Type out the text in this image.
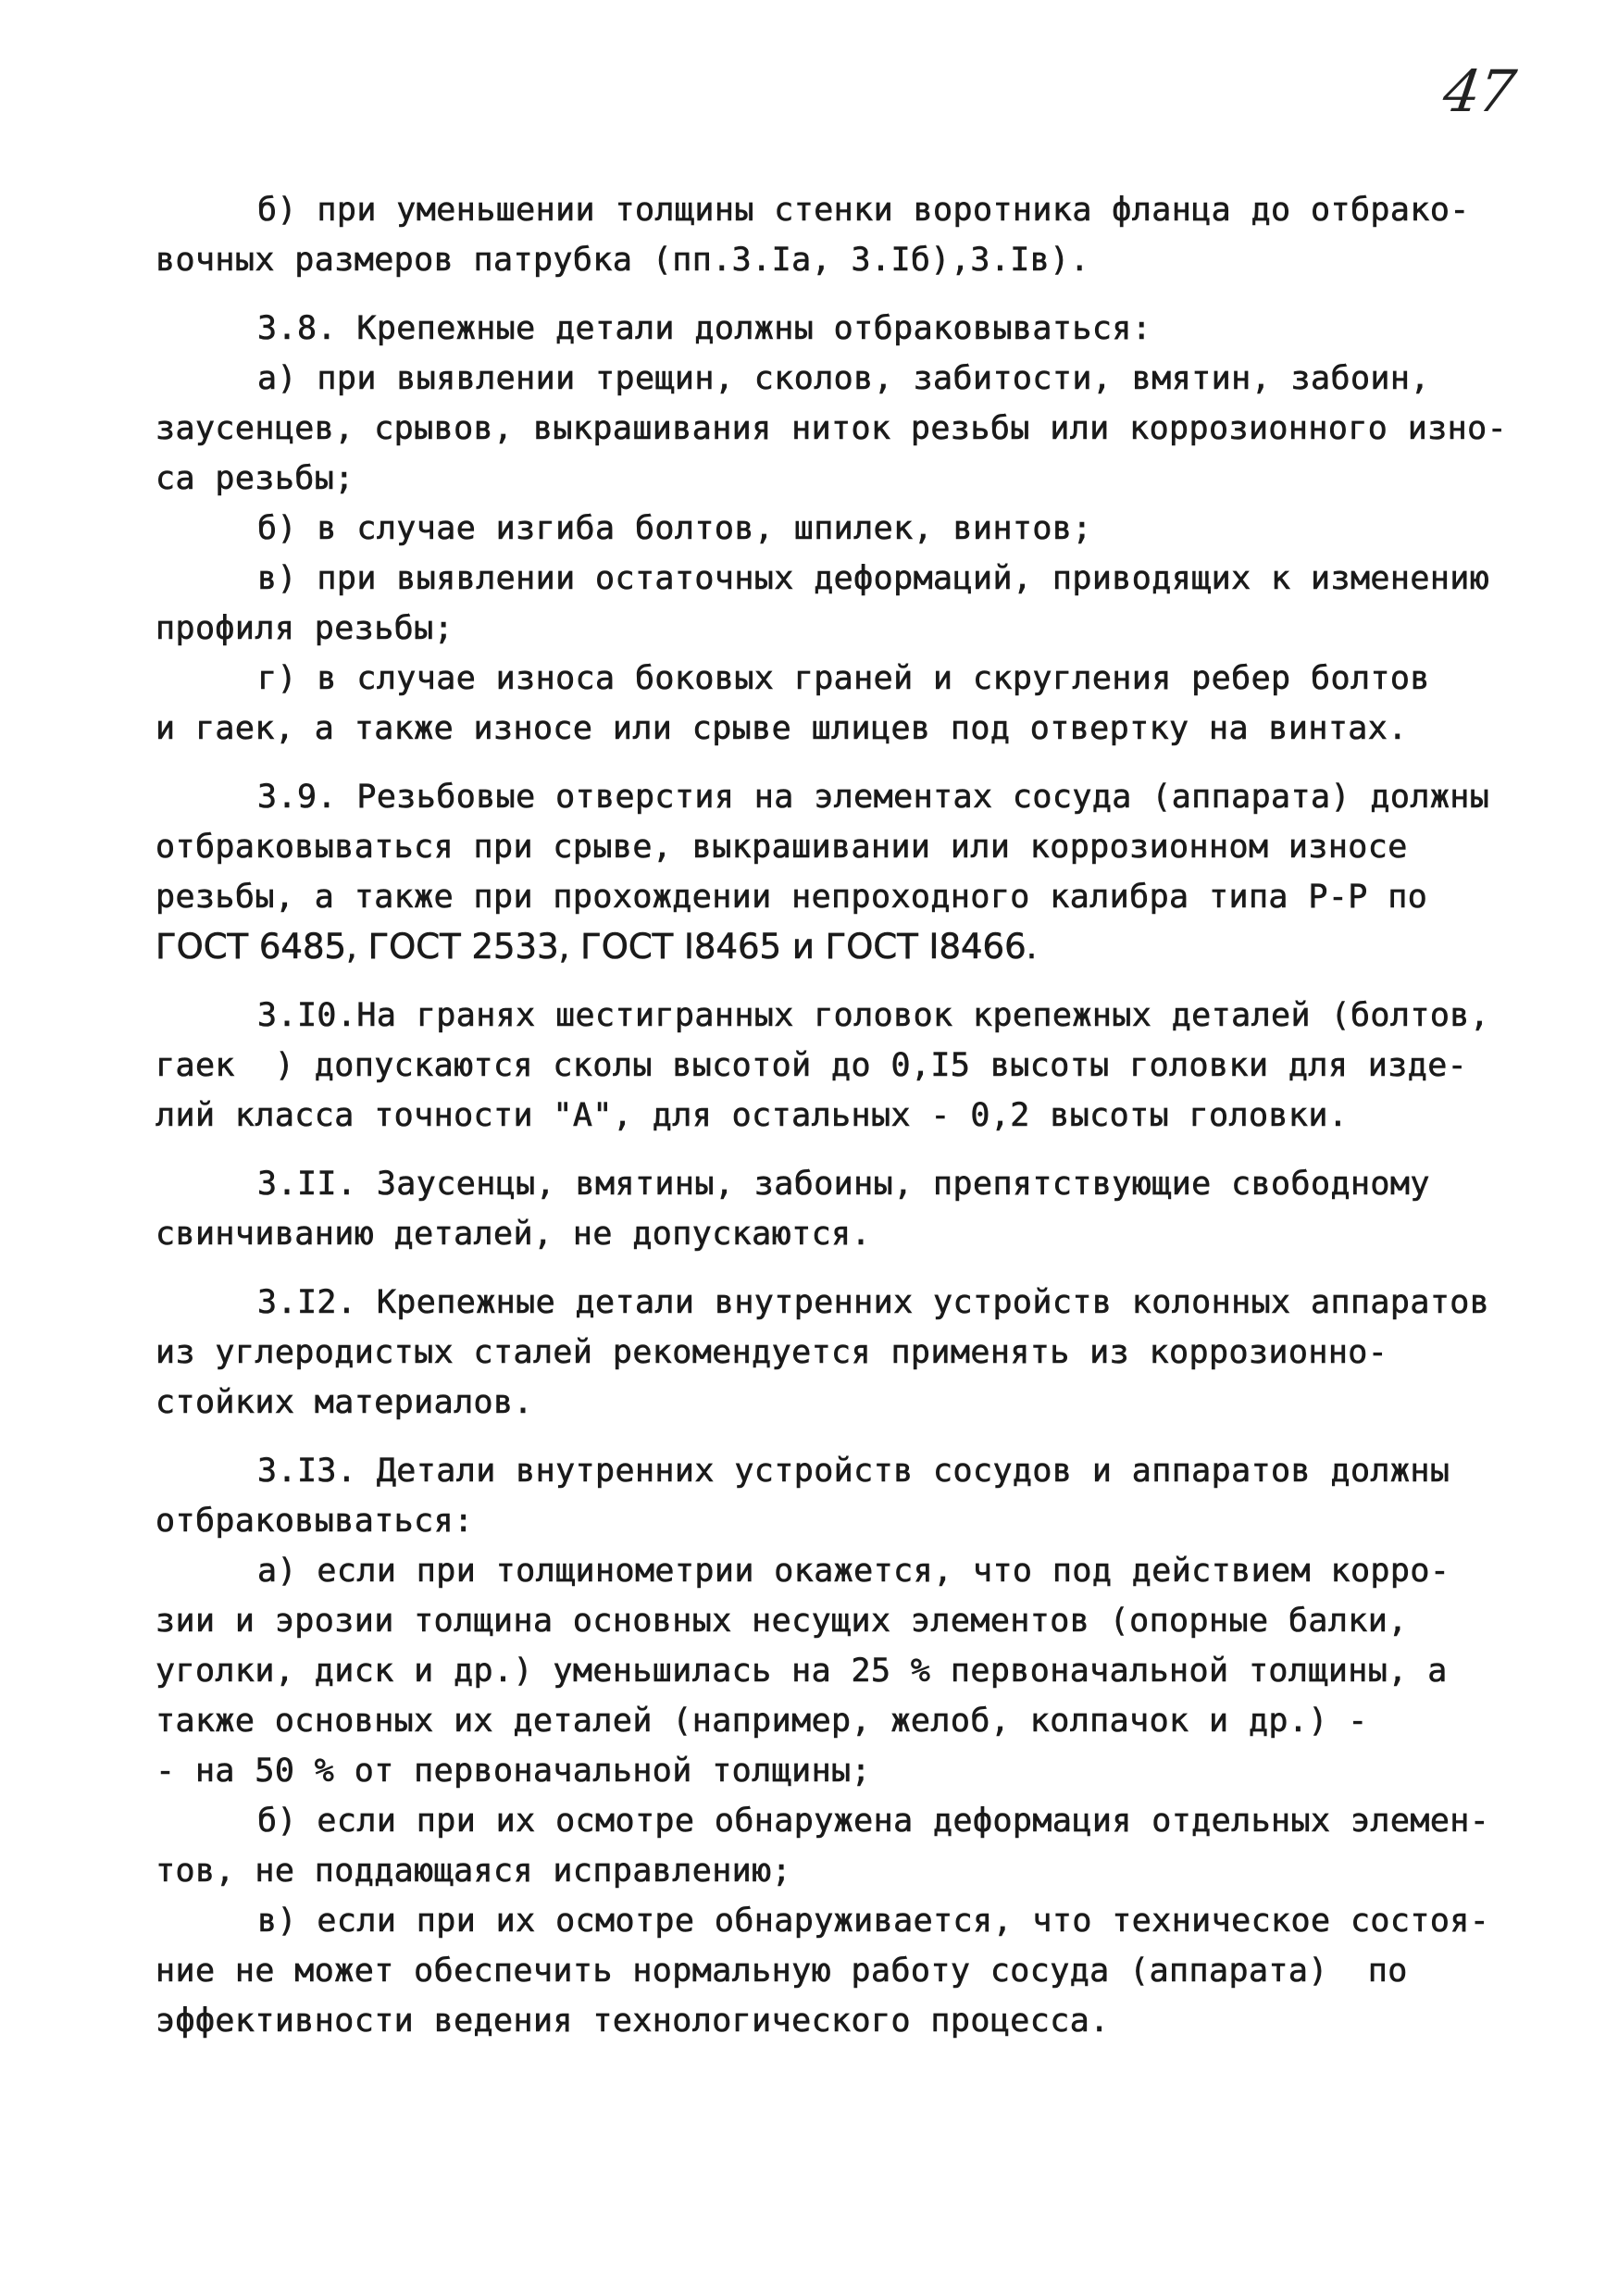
47
б) при уменьшении толщины стенки воротника фланца до отбрако-
вочных размеров патрубка (пп.3.Iа, 3.Iб),3.Iв).
3.8. Крепежные детали должны отбраковываться:
а) при выявлении трещин, сколов, забитости, вмятин, забоин,
заусенцев, срывов, выкрашивания ниток резьбы или коррозионного изно-
са резьбы;
б) в случае изгиба болтов, шпилек, винтов;
в) при выявлении остаточных деформаций, приводящих к изменению
профиля резьбы;
г) в случае износа боковых граней и скругления ребер болтов
и гаек, а также износе или срыве шлицев под отвертку на винтах.
3.9. Резьбовые отверстия на элементах сосуда (аппарата) должны
отбраковываться при срыве, выкрашивании или коррозионном износе
резьбы, а также при прохождении непроходного калибра типа Р-Р по
ГОСТ 6485, ГОСТ 2533, ГОСТ I8465 и ГОСТ I8466.
3.I0.На гранях шестигранных головок крепежных деталей (болтов,
гаек  ) допускаются сколы высотой до 0,I5 высоты головки для изде-
лий класса точности "А", для остальных - 0,2 высоты головки.
3.II. Заусенцы, вмятины, забоины, препятствующие свободному
свинчиванию деталей, не допускаются.
3.I2. Крепежные детали внутренних устройств колонных аппаратов
из углеродистых сталей рекомендуется применять из коррозионно-
стойких материалов.
3.I3. Детали внутренних устройств сосудов и аппаратов должны
отбраковываться:
а) если при толщинометрии окажется, что под действием корро-
зии и эрозии толщина основных несущих элементов (опорные балки,
уголки, диск и др.) уменьшилась на 25 % первоначальной толщины, а
также основных их деталей (например, желоб, колпачок и др.) -
- на 50 % от первоначальной толщины;
б) если при их осмотре обнаружена деформация отдельных элемен-
тов, не поддающаяся исправлению;
в) если при их осмотре обнаруживается, что техническое состоя-
ние не может обеспечить нормальную работу сосуда (аппарата)  по
эффективности ведения технологического процесса.
